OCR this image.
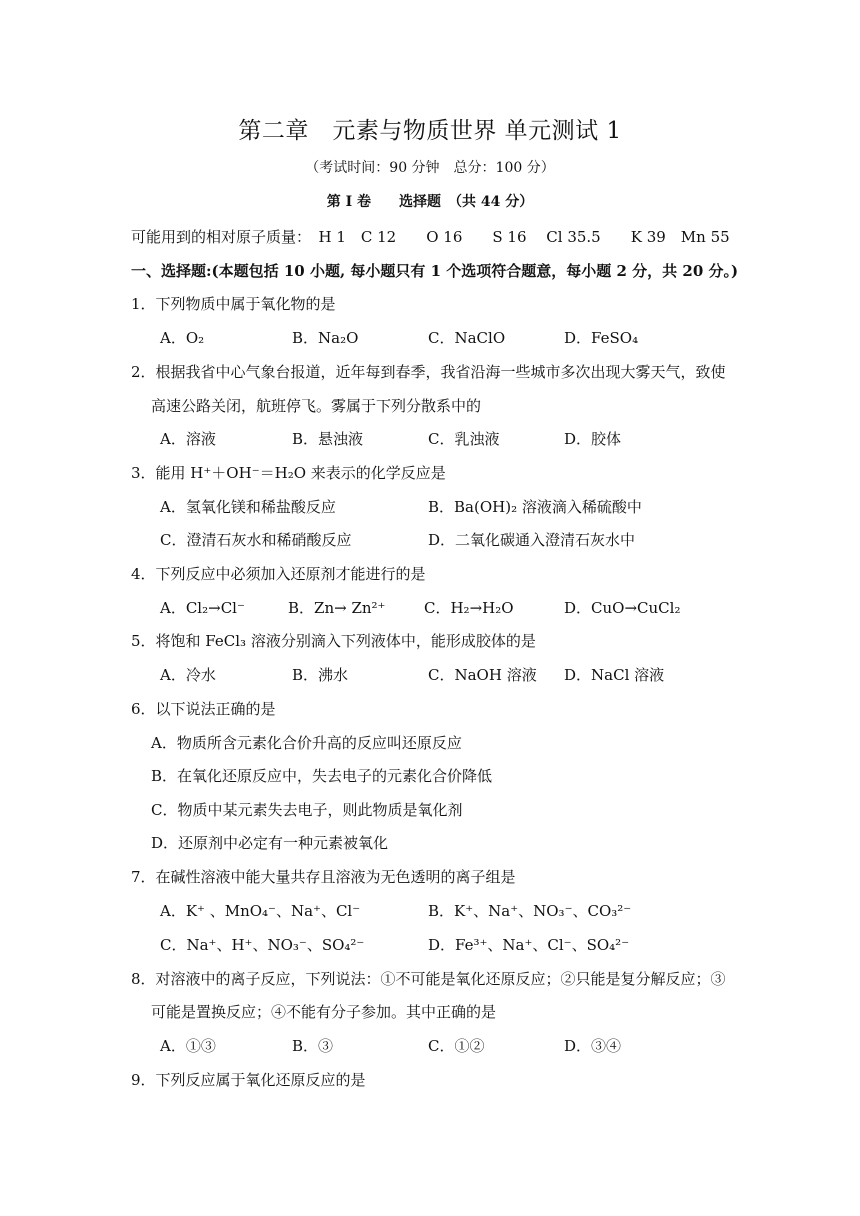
第二章　元素与物质世界 单元测试 1
（考试时间：90 分钟　总分：100 分）
第 I 卷　　选择题　（共 44 分）
可能用到的相对原子质量：　H 1　C 12　　O 16　　S 16　 Cl 35.5　　K 39　Mn 55
一、选择题:(本题包括 10 小题, 每小题只有 1 个选项符合题意，每小题 2 分，共 20 分。)
1．下列物质中属于氧化物的是
A．O₂	B．Na₂O	C．NaClO	D．FeSO₄
2．根据我省中心气象台报道，近年每到春季，我省沿海一些城市多次出现大雾天气，致使
高速公路关闭，航班停飞。雾属于下列分散系中的
A．溶液	B．悬浊液	C．乳浊液	D．胶体
3．能用 H⁺＋OH⁻＝H₂O 来表示的化学反应是
A．氢氧化镁和稀盐酸反应	B．Ba(OH)₂ 溶液滴入稀硫酸中
C．澄清石灰水和稀硝酸反应	D．二氧化碳通入澄清石灰水中
4．下列反应中必须加入还原剂才能进行的是
A．Cl₂→Cl⁻	B．Zn→ Zn²⁺	C．H₂→H₂O	D．CuO→CuCl₂
5．将饱和 FeCl₃ 溶液分别滴入下列液体中，能形成胶体的是
A．冷水	B．沸水	C．NaOH 溶液 D．NaCl 溶液
6．以下说法正确的是
A．物质所含元素化合价升高的反应叫还原反应
B．在氧化还原反应中，失去电子的元素化合价降低
C．物质中某元素失去电子，则此物质是氧化剂
D．还原剂中必定有一种元素被氧化
7．在碱性溶液中能大量共存且溶液为无色透明的离子组是
A．K⁺ 、MnO₄⁻、Na⁺、Cl⁻	B．K⁺、Na⁺、NO₃⁻、CO₃²⁻
C．Na⁺、H⁺、NO₃⁻、SO₄²⁻	D．Fe³⁺、Na⁺、Cl⁻、SO₄²⁻
8．对溶液中的离子反应，下列说法：①不可能是氧化还原反应；②只能是复分解反应；③
可能是置换反应；④不能有分子参加。其中正确的是
A．①③	B．③	C．①②	D．③④
9．下列反应属于氧化还原反应的是
